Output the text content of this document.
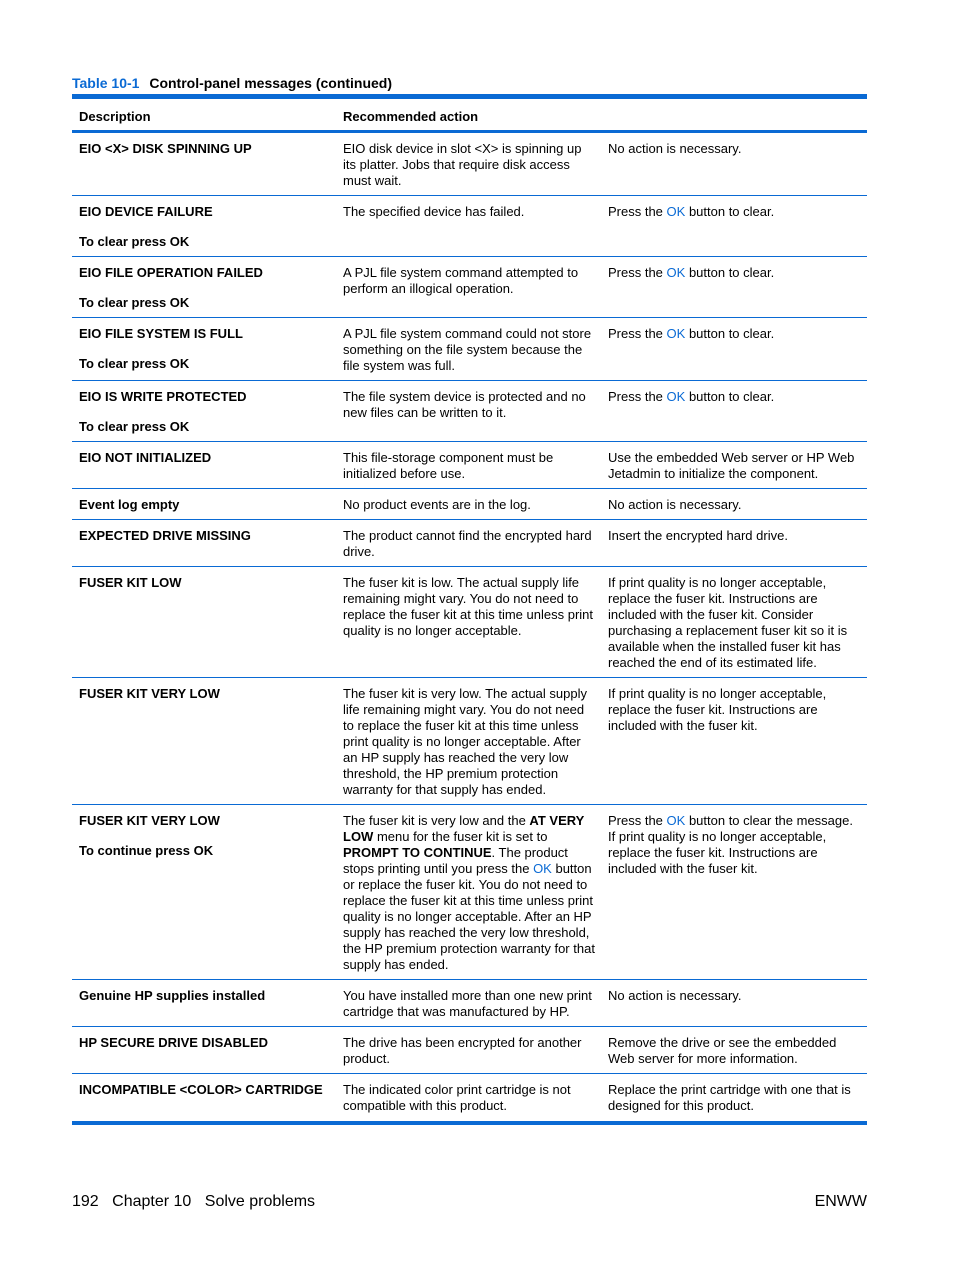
Table 10-1 Control-panel messages (continued)
Description	Recommended action	
EIO <X> DISK SPINNING UP	EIO disk device in slot <X> is spinning up its platter. Jobs that require disk access must wait.	No action is necessary.
EIO DEVICE FAILURE
To clear press OK	The specified device has failed.	Press the OK button to clear.
EIO FILE OPERATION FAILED
To clear press OK	A PJL file system command attempted to perform an illogical operation.	Press the OK button to clear.
EIO FILE SYSTEM IS FULL
To clear press OK	A PJL file system command could not store something on the file system because the file system was full.	Press the OK button to clear.
EIO IS WRITE PROTECTED
To clear press OK	The file system device is protected and no new files can be written to it.	Press the OK button to clear.
EIO NOT INITIALIZED	This file-storage component must be initialized before use.	Use the embedded Web server or HP Web Jetadmin to initialize the component.
Event log empty	No product events are in the log.	No action is necessary.
EXPECTED DRIVE MISSING	The product cannot find the encrypted hard drive.	Insert the encrypted hard drive.
FUSER KIT LOW	The fuser kit is low. The actual supply life remaining might vary. You do not need to replace the fuser kit at this time unless print quality is no longer acceptable.	If print quality is no longer acceptable, replace the fuser kit. Instructions are included with the fuser kit. Consider purchasing a replacement fuser kit so it is available when the installed fuser kit has reached the end of its estimated life.
FUSER KIT VERY LOW	The fuser kit is very low. The actual supply life remaining might vary. You do not need to replace the fuser kit at this time unless print quality is no longer acceptable. After an HP supply has reached the very low threshold, the HP premium protection warranty for that supply has ended.	If print quality is no longer acceptable, replace the fuser kit. Instructions are included with the fuser kit.
FUSER KIT VERY LOW
To continue press OK	The fuser kit is very low and the AT VERY LOW menu for the fuser kit is set to PROMPT TO CONTINUE. The product stops printing until you press the OK button or replace the fuser kit. You do not need to replace the fuser kit at this time unless print quality is no longer acceptable. After an HP supply has reached the very low threshold, the HP premium protection warranty for that supply has ended.	Press the OK button to clear the message. If print quality is no longer acceptable, replace the fuser kit. Instructions are included with the fuser kit.
Genuine HP supplies installed	You have installed more than one new print cartridge that was manufactured by HP.	No action is necessary.
HP SECURE DRIVE DISABLED	The drive has been encrypted for another product.	Remove the drive or see the embedded Web server for more information.
INCOMPATIBLE <COLOR> CARTRIDGE	The indicated color print cartridge is not compatible with this product.	Replace the print cartridge with one that is designed for this product.
192 Chapter 10 Solve problems	ENWW
